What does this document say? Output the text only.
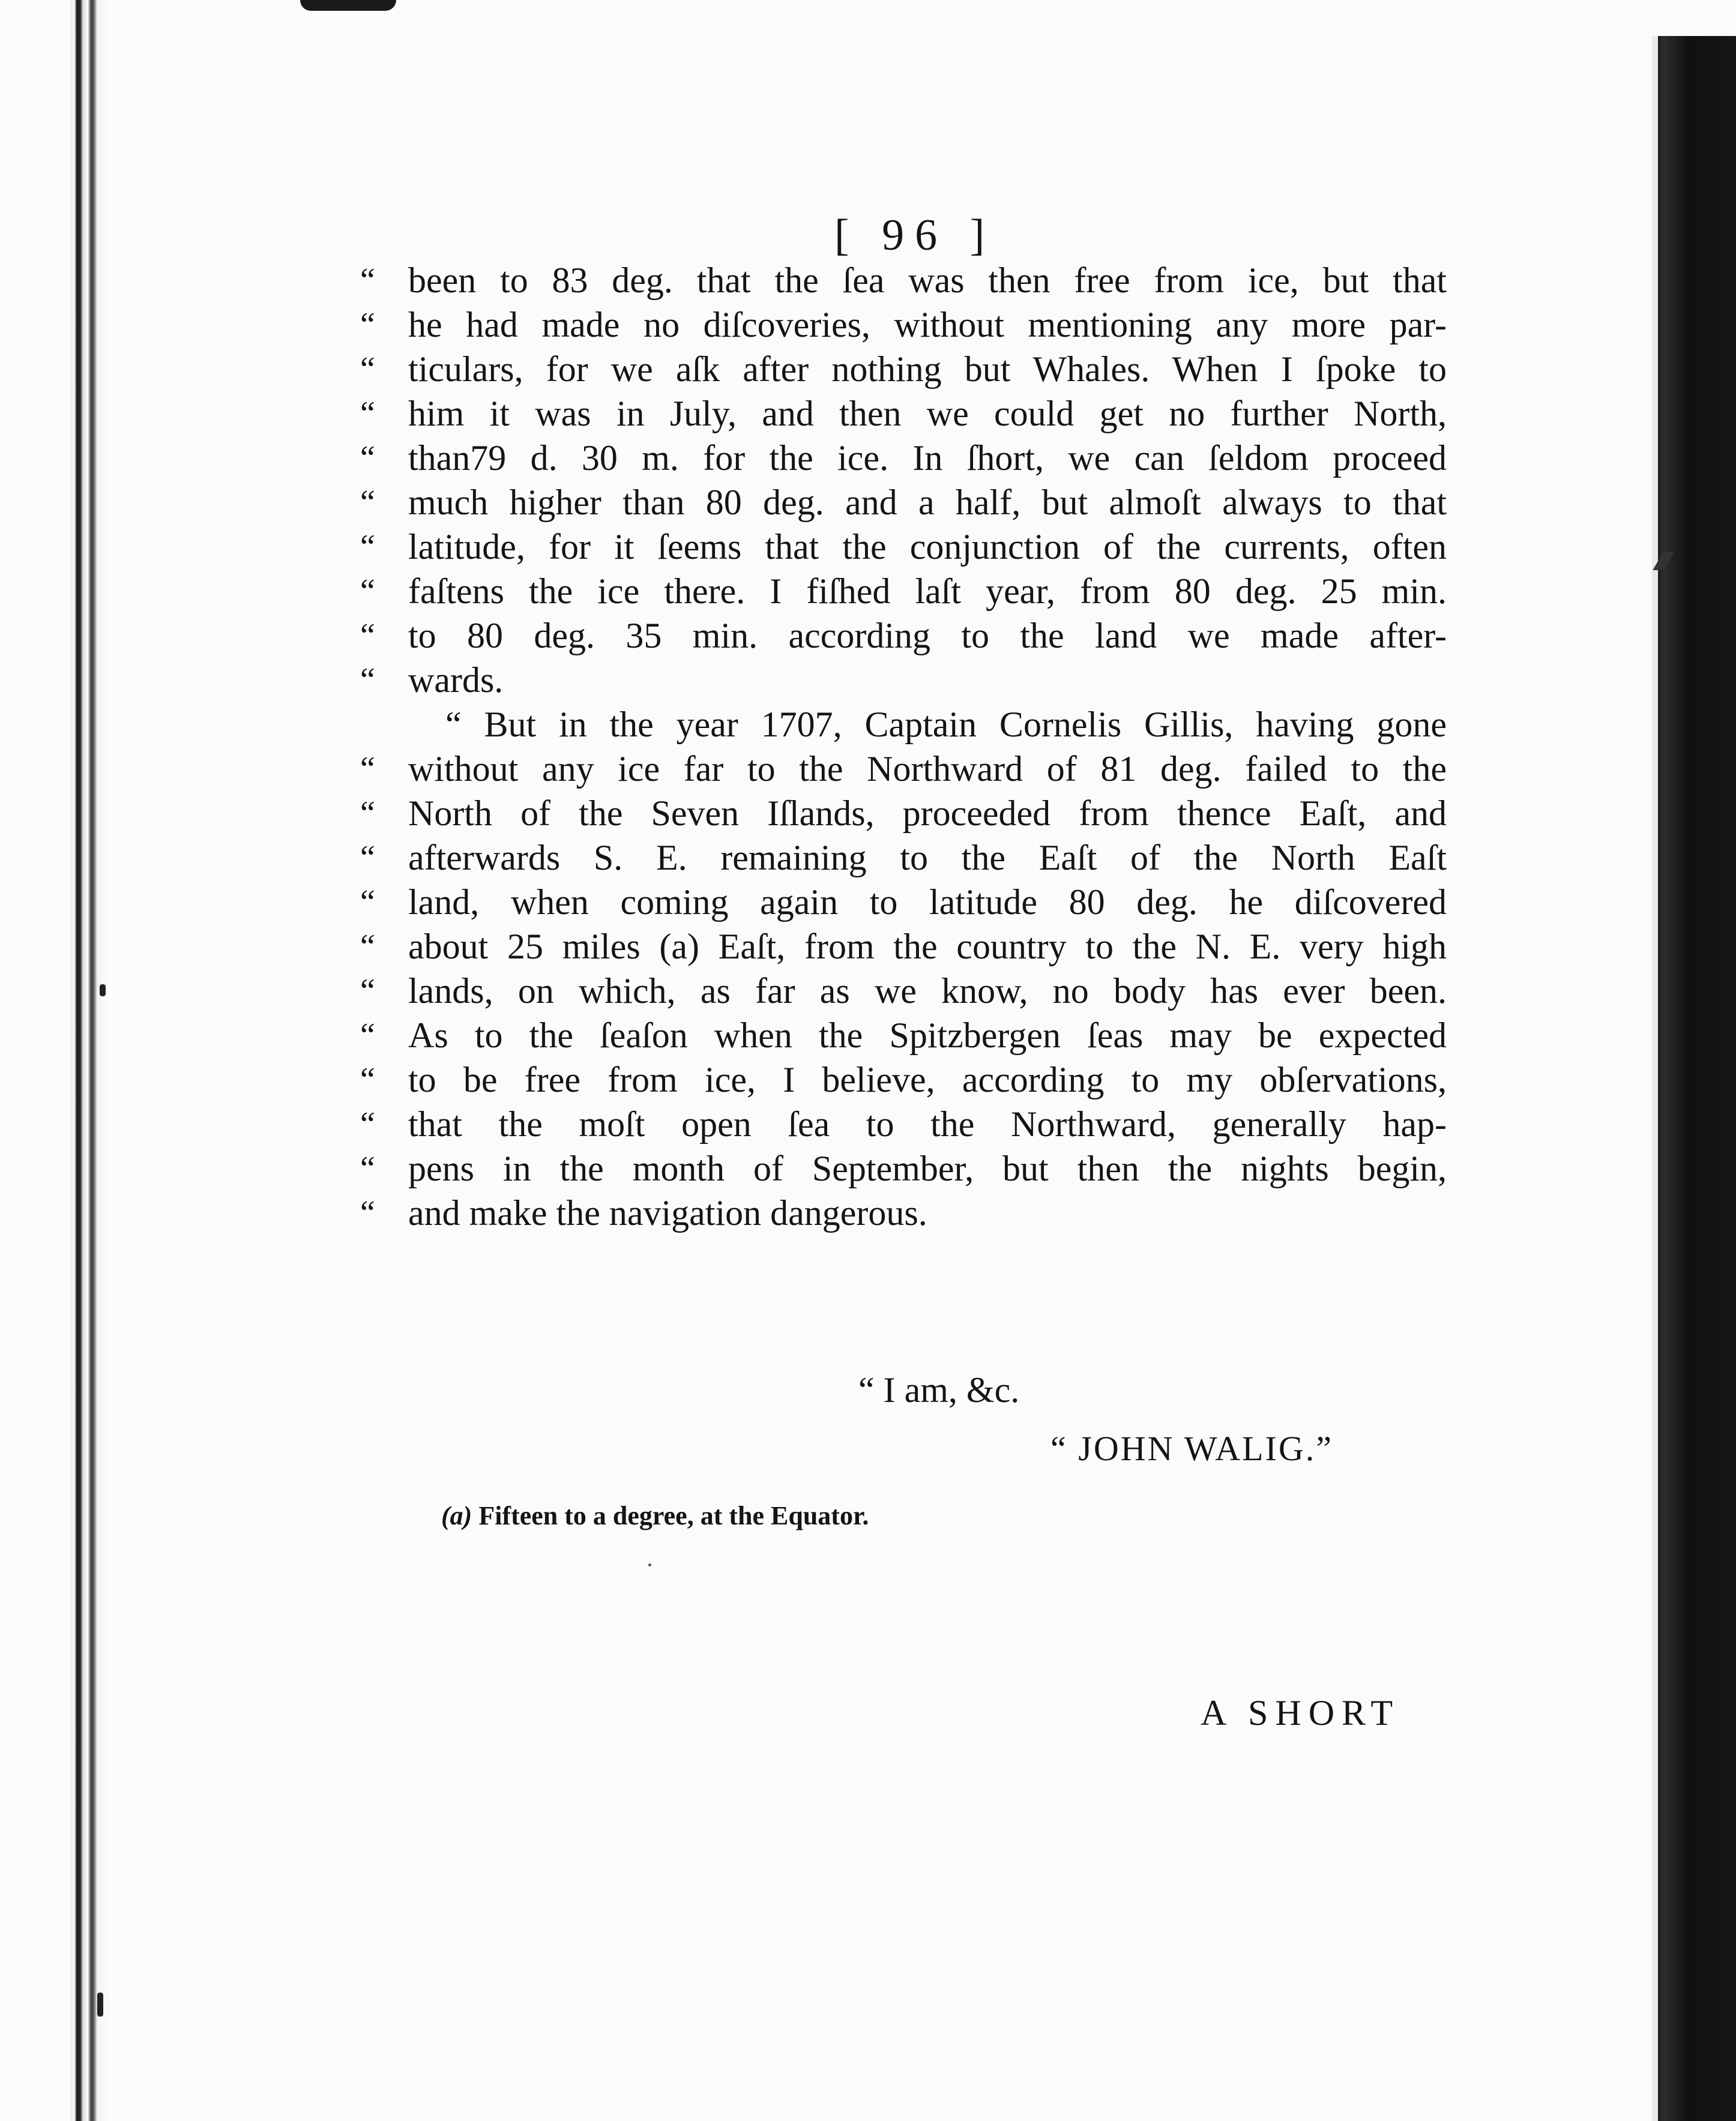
[ 96 ]
“ been to 83 deg. that the ſea was then free from ice, but that
“ he had made no diſcoveries, without mentioning any more par-
“ ticulars, for we aſk after nothing but Whales. When I ſpoke to
“ him it was in July, and then we could get no further North,
“ than79 d. 30 m. for the ice. In ſhort, we can ſeldom proceed
“ much higher than 80 deg. and a half, but almoſt always to that
“ latitude, for it ſeems that the conjunction of the currents, often
“ faſtens the ice there. I fiſhed laſt year, from 80 deg. 25 min.
“ to 80 deg. 35 min. according to the land we made after-
“ wards.
“ But in the year 1707, Captain Cornelis Gillis, having gone
“ without any ice far to the Northward of 81 deg. failed to the
“ North of the Seven Iſlands, proceeded from thence Eaſt, and
“ afterwards S. E. remaining to the Eaſt of the North Eaſt
“ land, when coming again to latitude 80 deg. he diſcovered
“ about 25 miles (a) Eaſt, from the country to the N. E. very high
“ lands, on which, as far as we know, no body has ever been.
“ As to the ſeaſon when the Spitzbergen ſeas may be expected
“ to be free from ice, I believe, according to my obſervations,
“ that the moſt open ſea to the Northward, generally hap-
“ pens in the month of September, but then the nights begin,
“ and make the navigation dangerous.
“ I am, &c.
“ JOHN WALIG.”
(a) Fifteen to a degree, at the Equator.
A SHORT
